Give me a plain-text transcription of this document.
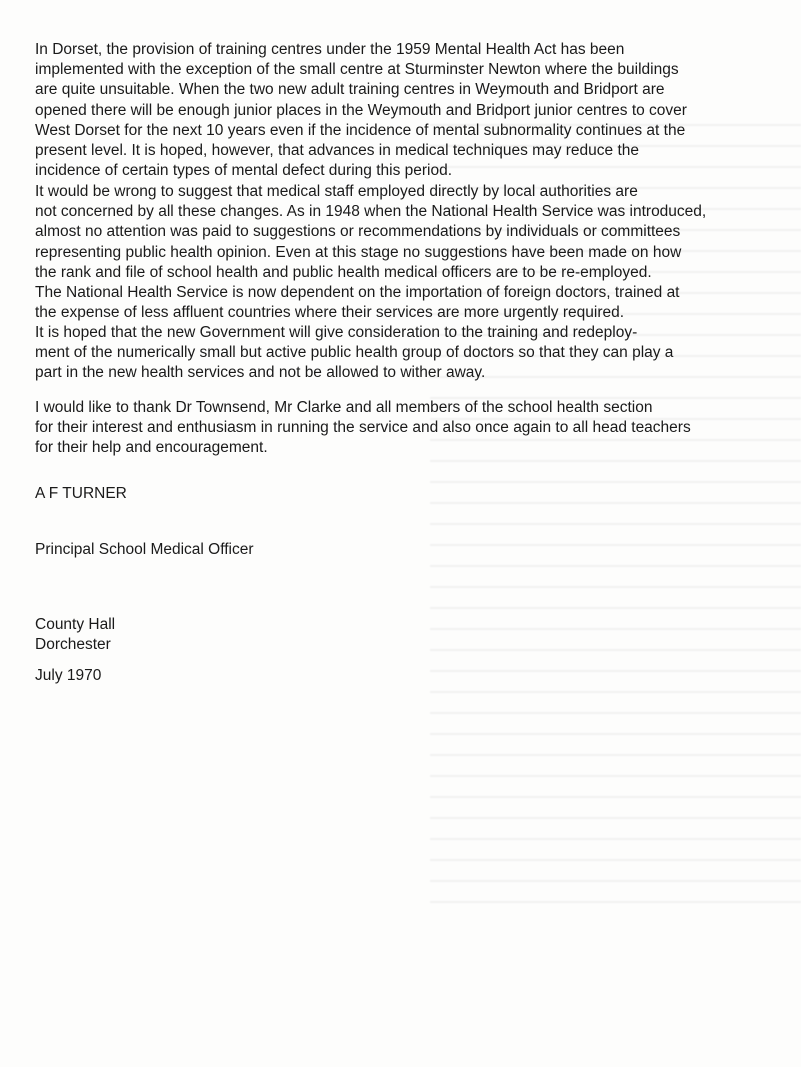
In Dorset, the provision of training centres under the 1959 Mental Health Act has been
implemented with the exception of the small centre at Sturminster Newton where the buildings
are quite unsuitable. When the two new adult training centres in Weymouth and Bridport are
opened there will be enough junior places in the Weymouth and Bridport junior centres to cover
West Dorset for the next 10 years even if the incidence of mental subnormality continues at the
present level. It is hoped, however, that advances in medical techniques may reduce the
incidence of certain types of mental defect during this period.
It would be wrong to suggest that medical staff employed directly by local authorities are
not concerned by all these changes. As in 1948 when the National Health Service was introduced,
almost no attention was paid to suggestions or recommendations by individuals or committees
representing public health opinion. Even at this stage no suggestions have been made on how
the rank and file of school health and public health medical officers are to be re-employed.
The National Health Service is now dependent on the importation of foreign doctors, trained at
the expense of less affluent countries where their services are more urgently required.
It is hoped that the new Government will give consideration to the training and redeploy-
ment of the numerically small but active public health group of doctors so that they can play a
part in the new health services and not be allowed to wither away.
I would like to thank Dr Townsend, Mr Clarke and all members of the school health section
for their interest and enthusiasm in running the service and also once again to all head teachers
for their help and encouragement.
A F TURNER
Principal School Medical Officer
County Hall
Dorchester
July 1970
